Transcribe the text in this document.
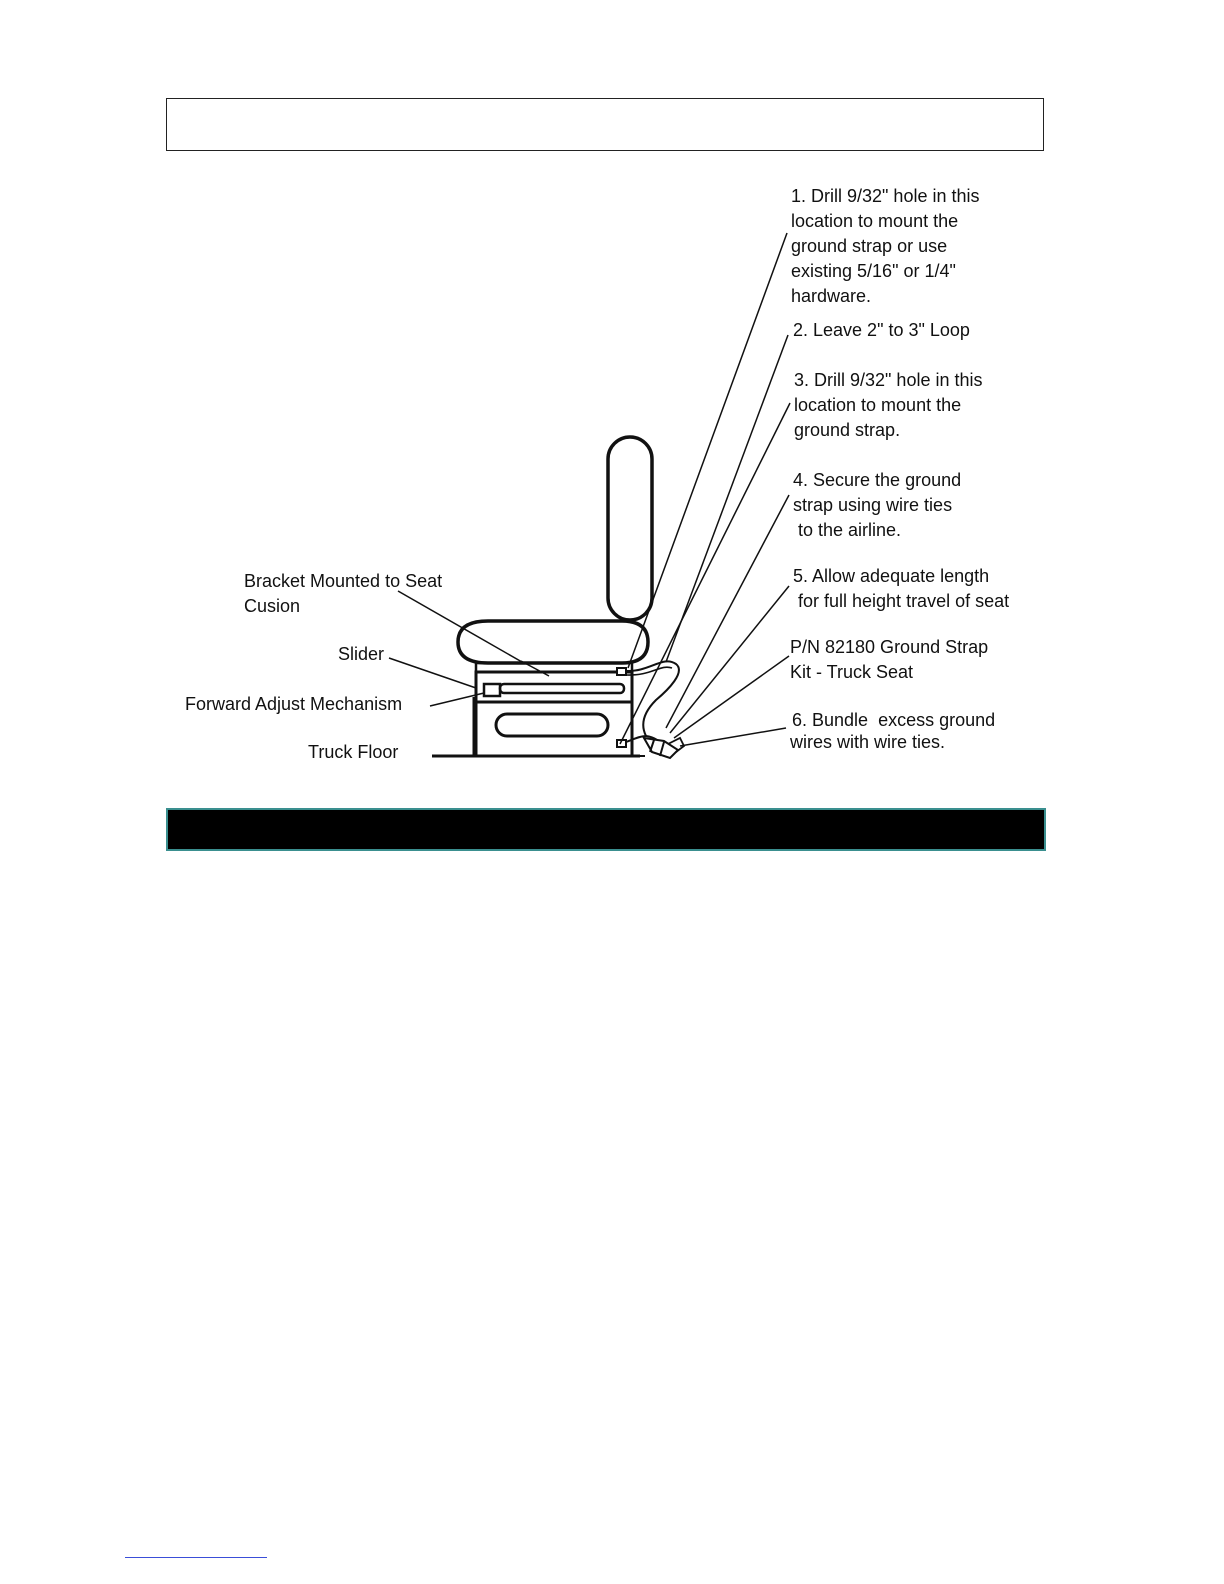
1. Drill 9/32" hole in this
location to mount the
ground strap or use
existing 5/16" or 1/4"
hardware.
2. Leave 2" to 3" Loop
3. Drill 9/32" hole in this
location to mount the
ground strap.
4. Secure the ground
strap using wire ties
to the airline.
5. Allow adequate length
for full height travel of seat
P/N 82180 Ground Strap
Kit - Truck Seat
6. Bundle  excess ground
wires with wire ties.
Bracket Mounted to Seat
Cusion
Slider
Forward Adjust Mechanism
Truck Floor
